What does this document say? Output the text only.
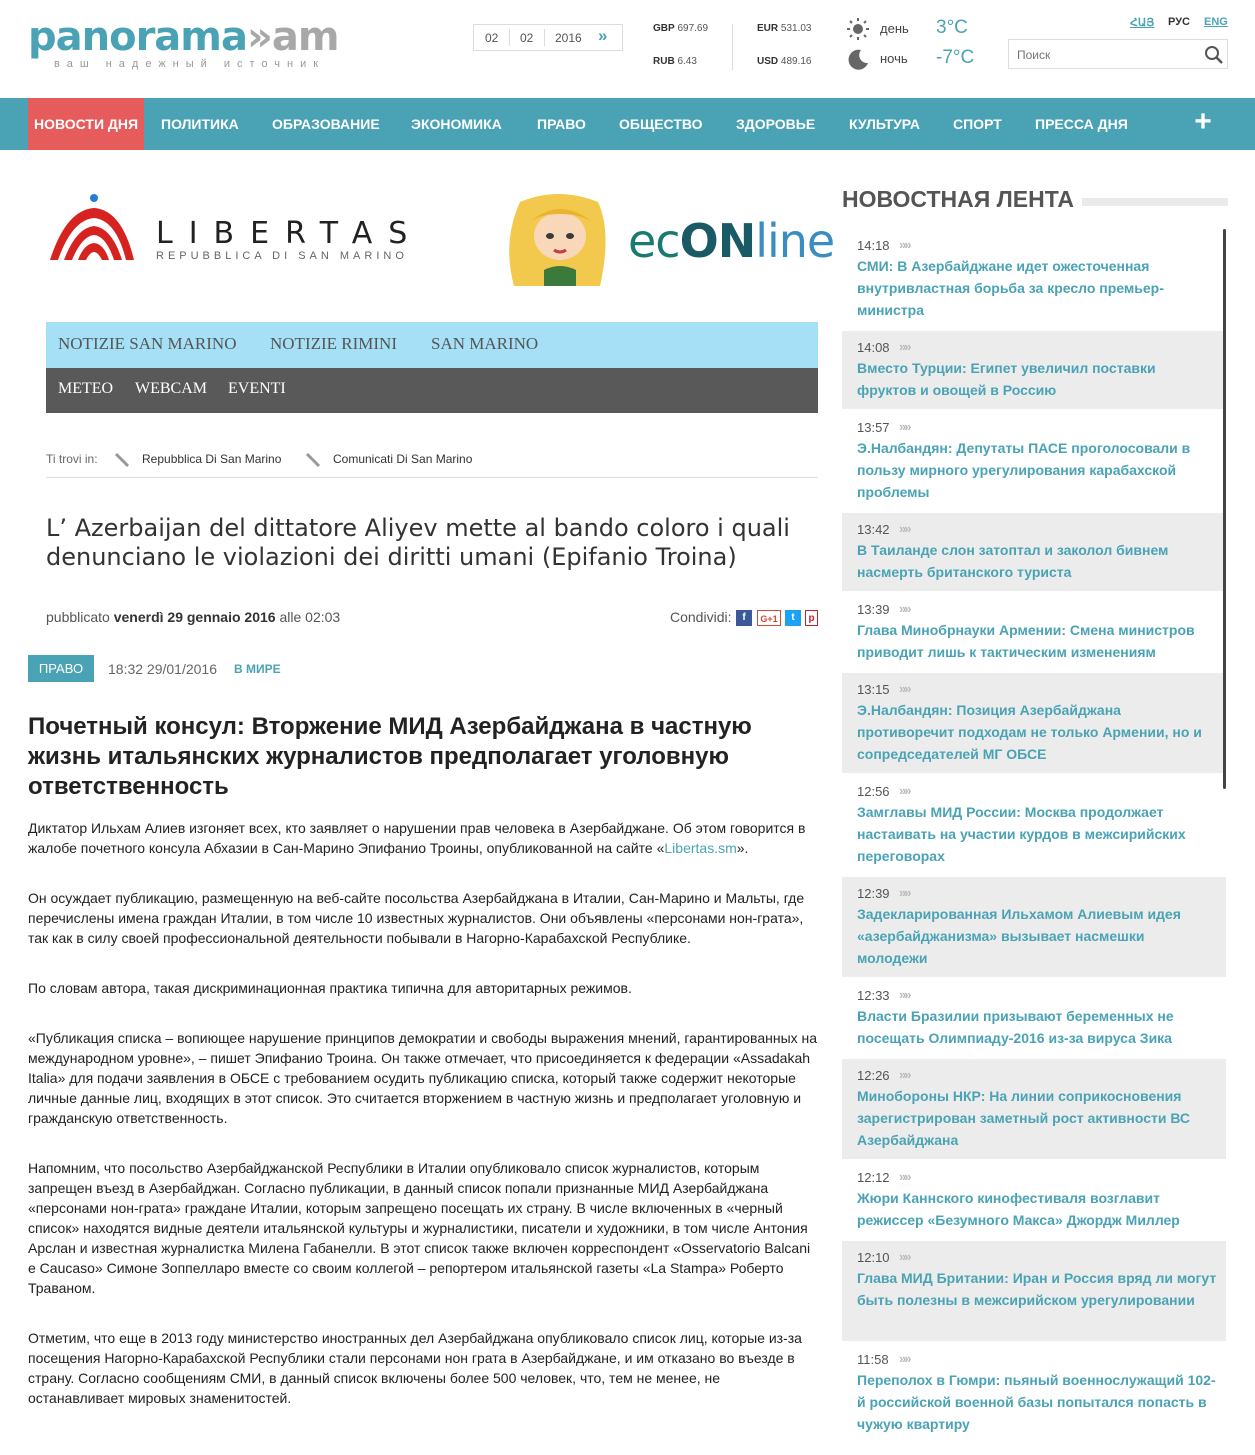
panorama»am
ваш надежный источник
02 02 2016 »	GBP 697.69
RUB 6.43
EUR 531.03
USD 489.16
день 3°C
ночь -7°C
ՀԱՅ РУС ENG
Поиск
НОВОСТИ ДНЯ	ПОЛИТИКА ОБРАЗОВАНИЕ ЭКОНОМИКА	ПРАВО ОБЩЕСТВО ЗДОРОВЬЕ КУЛЬТУРА СПОРТ ПРЕССА ДНЯ +
LIBERTAS
REPUBBLICA DI SAN MARINO	ecONline
NOTIZIE SAN MARINO NOTIZIE RIMINI SAN MARINO
METEO WEBCAM EVENTI
Ti trovi in:	Repubblica Di San Marino	Comunicati Di San Marino
L’ Azerbaijan del dittatore Aliyev mette al bando coloro i quali denunciano le violazioni dei diritti umani (Epifanio Troina)
pubblicato venerdì 29 gennaio 2016 alle 02:03	Condividi:	f	G+1	t	p
ПРАВО	18:32 29/01/2016 В МИРЕ
Почетный консул: Вторжение МИД Азербайджана в частную жизнь итальянских журналистов предполагает уголовную ответственность

Диктатор Ильхам Алиев изгоняет всех, кто заявляет о нарушении прав человека в Азербайджане. Об этом говорится в жалобе почетного консула Абхазии в Сан-Марино Эпифанио Троины, опубликованной на сайте «Libertas.sm».

Он осуждает публикацию, размещенную на веб-сайте посольства Азербайджана в Италии, Сан-Марино и Мальты, где перечислены имена граждан Италии, в том числе 10 известных журналистов. Они объявлены «персонами нон-грата», так как в силу своей профессиональной деятельности побывали в Нагорно-Карабахской Республике.

По словам автора, такая дискриминационная практика типична для авторитарных режимов.

«Публикация списка – вопиющее нарушение принципов демократии и свободы выражения мнений, гарантированных на международном уровне», – пишет Эпифанио Троина. Он также отмечает, что присоединяется к федерации «Assadakah Italia» для подачи заявления в ОБСЕ с требованием осудить публикацию списка, который также содержит некоторые личные данные лиц, входящих в этот список. Это считается вторжением в частную жизнь и предполагает уголовную и гражданскую ответственность.

Напомним, что посольство Азербайджанской Республики в Италии опубликовало список журналистов, которым запрещен въезд в Азербайджан. Согласно публикации, в данный список попали признанные МИД Азербайджана «персонами нон-грата» граждане Италии, которым запрещено посещать их страну. В числе включенных в «черный список» находятся видные деятели итальянской культуры и журналистики, писатели и художники, в том числе Антония Арслан и известная журналистка Милена Габанелли. В этот список также включен корреспондент «Osservatorio Balcani e Caucaso» Симоне Зоппелларо вместе со своим коллегой – репортером итальянской газеты «La Stampa» Роберто Траваном.

Отметим, что еще в 2013 году министерство иностранных дел Азербайджана опубликовало список лиц, которые из-за посещения Нагорно-Карабахской Республики стали персонами нон грата в Азербайджане, и им отказано во въезде в страну. Согласно сообщениям СМИ, в данный список включены более 500 человек, что, тем не менее, не останавливает мировых знаменитостей.

НОВОСТНАЯ ЛЕНТА
14:18 »»
СМИ: В Азербайджане идет ожесточенная внутривластная борьба за кресло премьер-министра
14:08 »»
Вместо Турции: Египет увеличил поставки фруктов и овощей в Россию
13:57 »»
Э.Налбандян: Депутаты ПАСЕ проголосовали в пользу мирного урегулирования карабахской проблемы
13:42 »»
В Таиланде слон затоптал и заколол бивнем насмерть британского туриста
13:39 »»
Глава Минобрнауки Армении: Смена министров приводит лишь к тактическим изменениям
13:15 »»
Э.Налбандян: Позиция Азербайджана противоречит подходам не только Армении, но и сопредседателей МГ ОБСЕ
12:56 »»
Замглавы МИД России: Москва продолжает настаивать на участии курдов в межсирийских переговорах
12:39 »»
Задекларированная Ильхамом Алиевым идея «азербайджанизма» вызывает насмешки молодежи
12:33 »»
Власти Бразилии призывают беременных не посещать Олимпиаду-2016 из-за вируса Зика
12:26 »»
Минобороны НКР: На линии соприкосновения зарегистрирован заметный рост активности ВС Азербайджана
12:12 »»
Жюри Каннского кинофестиваля возглавит режиссер «Безумного Макса» Джордж Миллер
12:10 »»
Глава МИД Британии: Иран и Россия вряд ли могут быть полезны в межсирийском урегулировании
11:58 »»
Переполох в Гюмри: пьяный военнослужащий 102-й российской военной базы попытался попасть в чужую квартиру
